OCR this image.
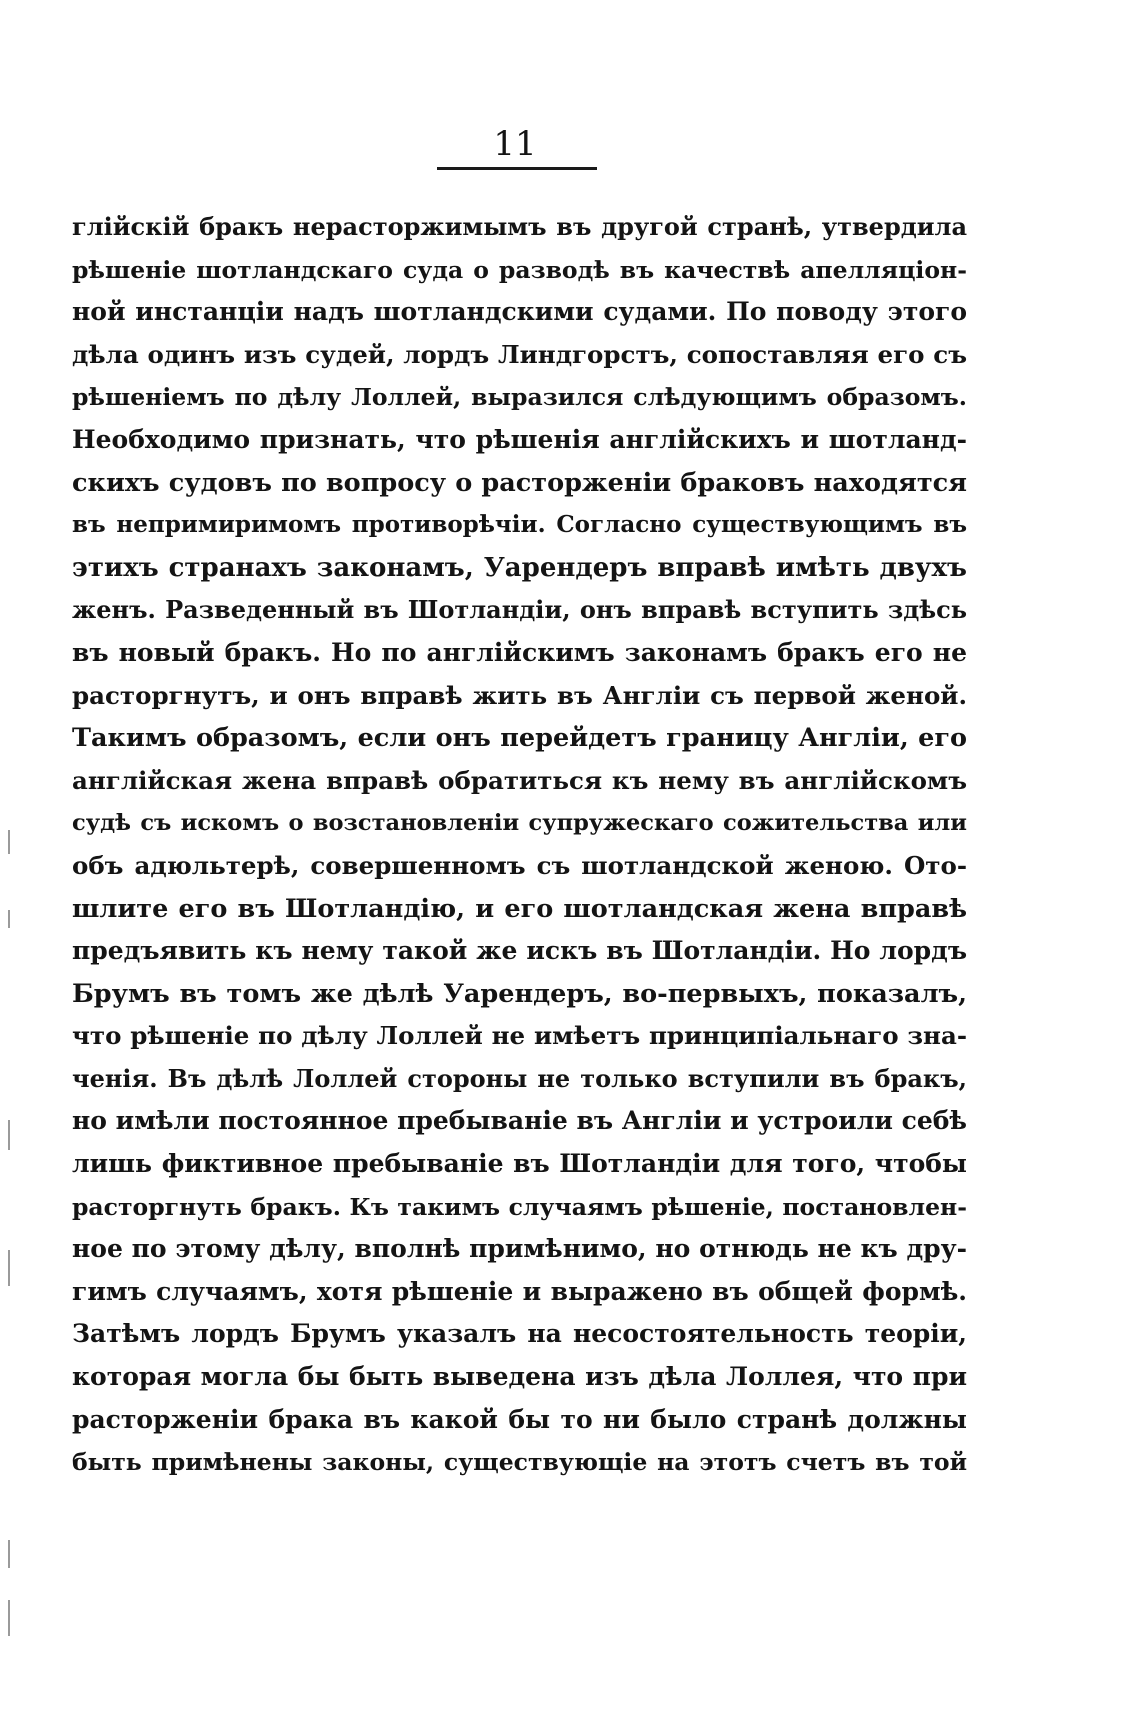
11
глійскій бракъ нерасторжимымъ въ другой странѣ, утвердила
рѣшеніе шотландскаго суда о разводѣ въ качествѣ апелляціон-
ной инстанціи надъ шотландскими судами. По поводу этого
дѣла одинъ изъ судей, лордъ Линдгорстъ, сопоставляя его съ
рѣшеніемъ по дѣлу Лоллей, выразился слѣдующимъ образомъ.
Необходимо признать, что рѣшенія англійскихъ и шотланд-
скихъ судовъ по вопросу о расторженіи браковъ находятся
въ непримиримомъ противорѣчіи. Согласно существующимъ въ
этихъ странахъ законамъ, Уарендеръ вправѣ имѣть двухъ
женъ. Разведенный въ Шотландіи, онъ вправѣ вступить здѣсь
въ новый бракъ. Но по англійскимъ законамъ бракъ его не
расторгнутъ, и онъ вправѣ жить въ Англіи съ первой женой.
Такимъ образомъ, если онъ перейдетъ границу Англіи, его
англійская жена вправѣ обратиться къ нему въ англійскомъ
судѣ съ искомъ о возстановленіи супружескаго сожительства или
объ адюльтерѣ, совершенномъ съ шотландской женою. Ото-
шлите его въ Шотландію, и его шотландская жена вправѣ
предъявить къ нему такой же искъ въ Шотландіи. Но лордъ
Брумъ въ томъ же дѣлѣ Уарендеръ, во-первыхъ, показалъ,
что рѣшеніе по дѣлу Лоллей не имѣетъ принципіальнаго зна-
ченія. Въ дѣлѣ Лоллей стороны не только вступили въ бракъ,
но имѣли постоянное пребываніе въ Англіи и устроили себѣ
лишь фиктивное пребываніе въ Шотландіи для того, чтобы
расторгнуть бракъ. Къ такимъ случаямъ рѣшеніе, постановлен-
ное по этому дѣлу, вполнѣ примѣнимо, но отнюдь не къ дру-
гимъ случаямъ, хотя рѣшеніе и выражено въ общей формѣ.
Затѣмъ лордъ Брумъ указалъ на несостоятельность теоріи,
которая могла бы быть выведена изъ дѣла Лоллея, что при
расторженіи брака въ какой бы то ни было странѣ должны
быть примѣнены законы, существующіе на этотъ счетъ въ той
